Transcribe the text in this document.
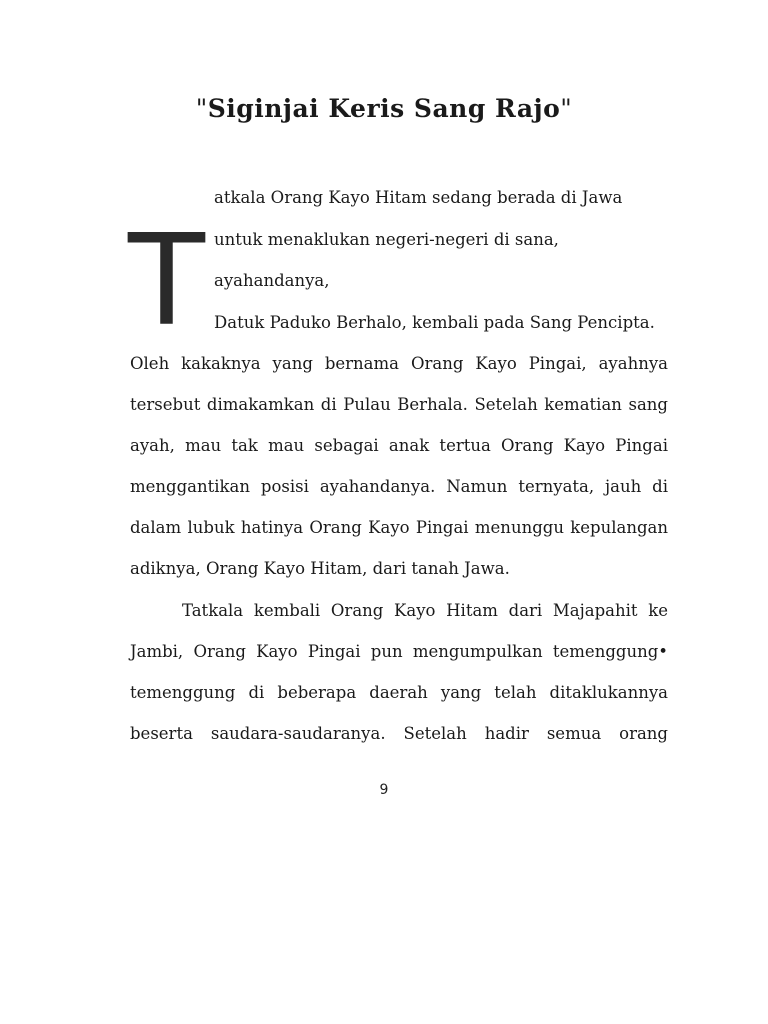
"Siginjai Keris Sang Rajo"
T
atkala Orang Kayo Hitam sedang berada di Jawa
untuk menaklukan negeri-negeri di sana,
ayahandanya,
Datuk Paduko Berhalo, kembali pada Sang Pencipta.
Oleh kakaknya yang bernama Orang Kayo Pingai, ayahnya
tersebut dimakamkan di Pulau Berhala. Setelah kematian sang
ayah, mau tak mau sebagai anak tertua Orang Kayo Pingai
menggantikan posisi ayahandanya. Namun ternyata, jauh di
dalam lubuk hatinya Orang Kayo Pingai menunggu kepulangan
adiknya, Orang Kayo Hitam, dari tanah Jawa.
Tatkala kembali Orang Kayo Hitam dari Majapahit ke
Jambi, Orang Kayo Pingai pun mengumpulkan temenggung•
temenggung di beberapa daerah yang telah ditaklukannya
beserta saudara-saudaranya. Setelah hadir semua orang
9
